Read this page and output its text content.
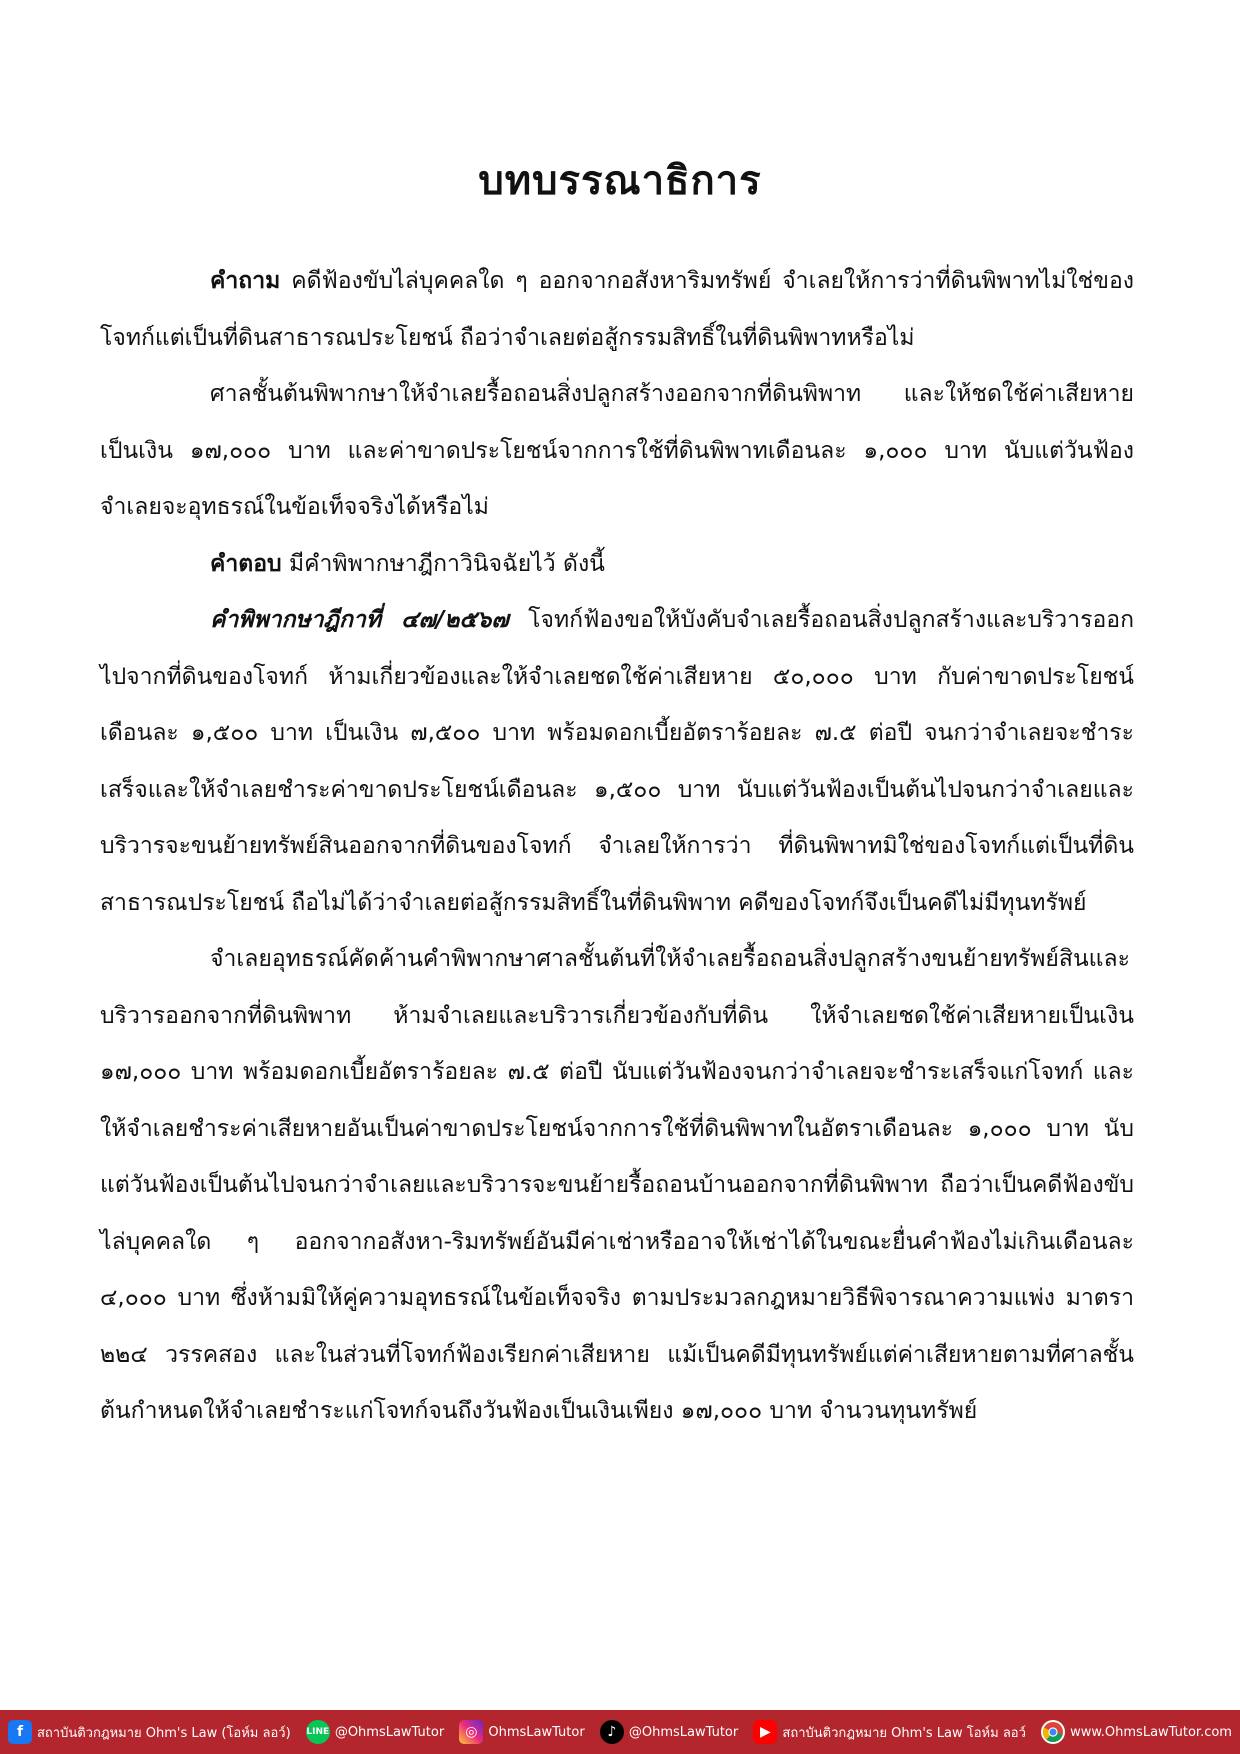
บทบรรณาธิการ

คำถาม คดีฟ้องขับไล่บุคคลใด ๆ ออกจากอสังหาริมทรัพย์ จำเลยให้การว่าที่ดินพิพาทไม่ใช่ของโจทก์แต่เป็นที่ดินสาธารณประโยชน์ ถือว่าจำเลยต่อสู้กรรมสิทธิ์ในที่ดินพิพาทหรือไม่

ศาลชั้นต้นพิพากษาให้จำเลยรื้อถอนสิ่งปลูกสร้างออกจากที่ดินพิพาท และให้ชดใช้ค่าเสียหายเป็นเงิน ๑๗,๐๐๐ บาท และค่าขาดประโยชน์จากการใช้ที่ดินพิพาทเดือนละ ๑,๐๐๐ บาท นับแต่วันฟ้อง จำเลยจะอุทธรณ์ในข้อเท็จจริงได้หรือไม่

คำตอบ มีคำพิพากษาฎีกาวินิจฉัยไว้ ดังนี้

คำพิพากษาฎีกาที่ ๔๗/๒๕๖๗ โจทก์ฟ้องขอให้บังคับจำเลยรื้อถอนสิ่งปลูกสร้างและบริวารออกไปจากที่ดินของโจทก์ ห้ามเกี่ยวข้องและให้จำเลยชดใช้ค่าเสียหาย ๕๐,๐๐๐ บาท กับค่าขาดประโยชน์เดือนละ ๑,๕๐๐ บาท เป็นเงิน ๗,๕๐๐ บาท พร้อมดอกเบี้ยอัตราร้อยละ ๗.๕ ต่อปี จนกว่าจำเลยจะชำระเสร็จและให้จำเลยชำระค่าขาดประโยชน์เดือนละ ๑,๕๐๐ บาท นับแต่วันฟ้องเป็นต้นไปจนกว่าจำเลยและบริวารจะขนย้ายทรัพย์สินออกจากที่ดินของโจทก์ จำเลยให้การว่า ที่ดินพิพาทมิใช่ของโจทก์แต่เป็นที่ดินสาธารณประโยชน์ ถือไม่ได้ว่าจำเลยต่อสู้กรรมสิทธิ์ในที่ดินพิพาท คดีของโจทก์จึงเป็นคดีไม่มีทุนทรัพย์

จำเลยอุทธรณ์คัดค้านคำพิพากษาศาลชั้นต้นที่ให้จำเลยรื้อถอนสิ่งปลูกสร้างขนย้ายทรัพย์สินและบริวารออกจากที่ดินพิพาท ห้ามจำเลยและบริวารเกี่ยวข้องกับที่ดิน ให้จำเลยชดใช้ค่าเสียหายเป็นเงิน ๑๗,๐๐๐ บาท พร้อมดอกเบี้ยอัตราร้อยละ ๗.๕ ต่อปี นับแต่วันฟ้องจนกว่าจำเลยจะชำระเสร็จแก่โจทก์ และให้จำเลยชำระค่าเสียหายอันเป็นค่าขาดประโยชน์จากการใช้ที่ดินพิพาทในอัตราเดือนละ ๑,๐๐๐ บาท นับแต่วันฟ้องเป็นต้นไปจนกว่าจำเลยและบริวารจะขนย้ายรื้อถอนบ้านออกจากที่ดินพิพาท ถือว่าเป็นคดีฟ้องขับไล่บุคคลใด ๆ ออกจากอสังหา-ริมทรัพย์อันมีค่าเช่าหรืออาจให้เช่าได้ในขณะยื่นคำฟ้องไม่เกินเดือนละ ๔,๐๐๐ บาท ซึ่งห้ามมิให้คู่ความอุทธรณ์ในข้อเท็จจริง ตามประมวลกฎหมายวิธีพิจารณาความแพ่ง มาตรา ๒๒๔ วรรคสอง และในส่วนที่โจทก์ฟ้องเรียกค่าเสียหาย แม้เป็นคดีมีทุนทรัพย์แต่ค่าเสียหายตามที่ศาลชั้นต้นกำหนดให้จำเลยชำระแก่โจทก์จนถึงวันฟ้องเป็นเงินเพียง ๑๗,๐๐๐ บาท จำนวนทุนทรัพย์

f	สถาบันติวกฎหมาย Ohm's Law (โอห์ม ลอว์) LINE @OhmsLawTutor	◎ OhmsLawTutor	♪ @OhmsLawTutor	▶ สถาบันติวกฎหมาย Ohm's Law โอห์ม ลอว์	www.OhmsLawTutor.com
